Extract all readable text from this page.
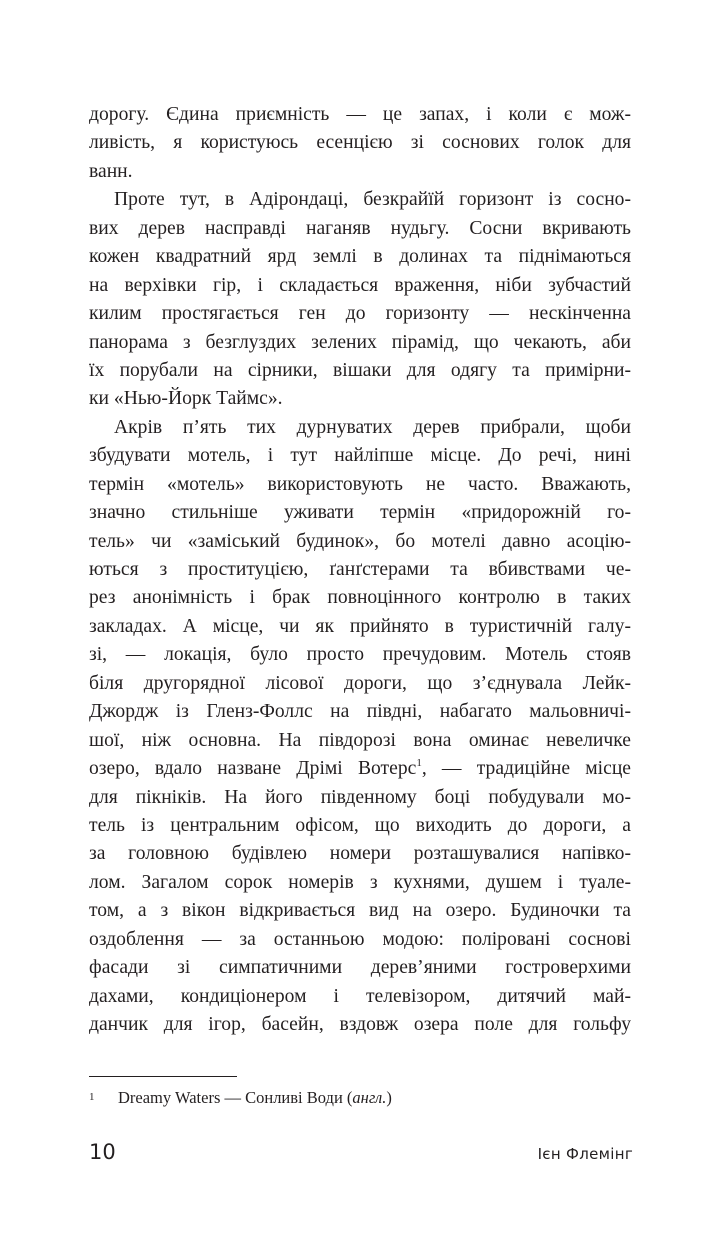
дорогу. Єдина приємність — це запах, і коли є мож-
ливість, я користуюсь есенцією зі соснових голок для
ванн.
Проте тут, в Адірондаці, безкрайїй горизонт із сосно-
вих дерев насправді наганяв нудьгу. Сосни вкривають
кожен квадратний ярд землі в долинах та піднімаються
на верхівки гір, і складається враження, ніби зубчастий
килим простягається ген до горизонту — нескінченна
панорама з безглуздих зелених пірамід, що чекають, аби
їх порубали на сірники, вішаки для одягу та примірни-
ки «Нью-Йорк Таймс».
Акрів п’ять тих дурнуватих дерев прибрали, щоби
збудувати мотель, і тут найліпше місце. До речі, нині
термін «мотель» використовують не часто. Вважають,
значно стильніше уживати термін «придорожній го-
тель» чи «заміський будинок», бо мотелі давно асоцію-
ються з проституцією, ґанґстерами та вбивствами че-
рез анонімність і брак повноцінного контролю в таких
закладах. А місце, чи як прийнято в туристичній галу-
зі, — локація, було просто пречудовим. Мотель стояв
біля другорядної лісової дороги, що з’єднувала Лейк-
Джордж із Гленз-Фоллс на півдні, набагато мальовничі-
шої, ніж основна. На півдорозі вона оминає невеличке
озеро, вдало назване Дрімі Вотерс$^1$, — традиційне місце
для пікніків. На його південному боці побудували мо-
тель із центральним офісом, що виходить до дороги, а
за головною будівлею номери розташувалися напівко-
лом. Загалом сорок номерів з кухнями, душем і туале-
том, а з вікон відкривається вид на озеро. Будиночки та
оздоблення — за останньою модою: поліровані соснові
фасади зі симпатичними дерев’яними гостроверхими
дахами, кондиціонером і телевізором, дитячий май-
данчик для ігор, басейн, вздовж озера поле для гольфу
1 Dreamy Waters — Сонливі Води (англ.)
10	Ієн Флемінг
